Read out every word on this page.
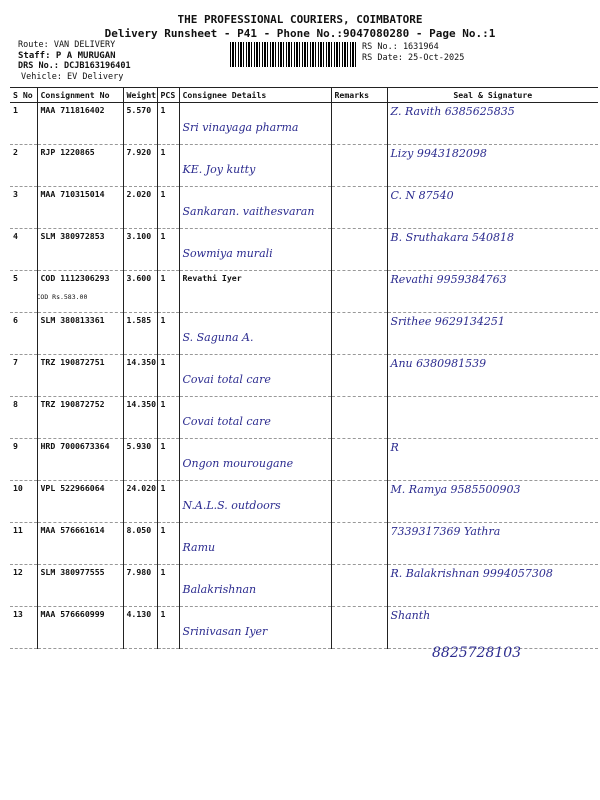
THE PROFESSIONAL COURIERS, COIMBATORE
Delivery Runsheet - P41 - Phone No.:9047080280 - Page No.:1
Route: VAN DELIVERY
Staff: P A MURUGAN
DRS No.: DCJB163196401
Vehicle: EV Delivery
RS No.: 1631964
RS Date: 25-Oct-2025
S No	Consignment No	Weight	PCS	Consignee Details	Remarks	Seal & Signature
1	MAA 711816402	5.570	1	Sri vinayaga pharma		Z. Ravith 6385625835

2	RJP 1220865	7.920	1	KE. Joy kutty		Lizy 9943182098

3	MAA 710315014	2.020	1	Sankaran. vaithesvaran		C. N 87540

4	SLM 380972853	3.100	1	Sowmiya murali		B. Sruthakara 540818

5	COD 1112306293
COD Rs.583.00	3.600	1	Revathi Iyer		Revathi 9959384763

6	SLM 380813361	1.585	1	S. Saguna A.		Srithee 9629134251

7	TRZ 190872751	14.350	1	Covai total care		Anu 6380981539

8	TRZ 190872752	14.350	1	Covai total care		

9	HRD 7000673364	5.930	1	Ongon mourougane		R

10	VPL 522966064	24.020	1	N.A.L.S. outdoors		M. Ramya 9585500903

11	MAA 576661614	8.050	1	Ramu		7339317369 Yathra

12	SLM 380977555	7.980	1	Balakrishnan		R. Balakrishnan 9994057308

13	MAA 576660999	4.130	1	Srinivasan Iyer		Shanth
8825728103
